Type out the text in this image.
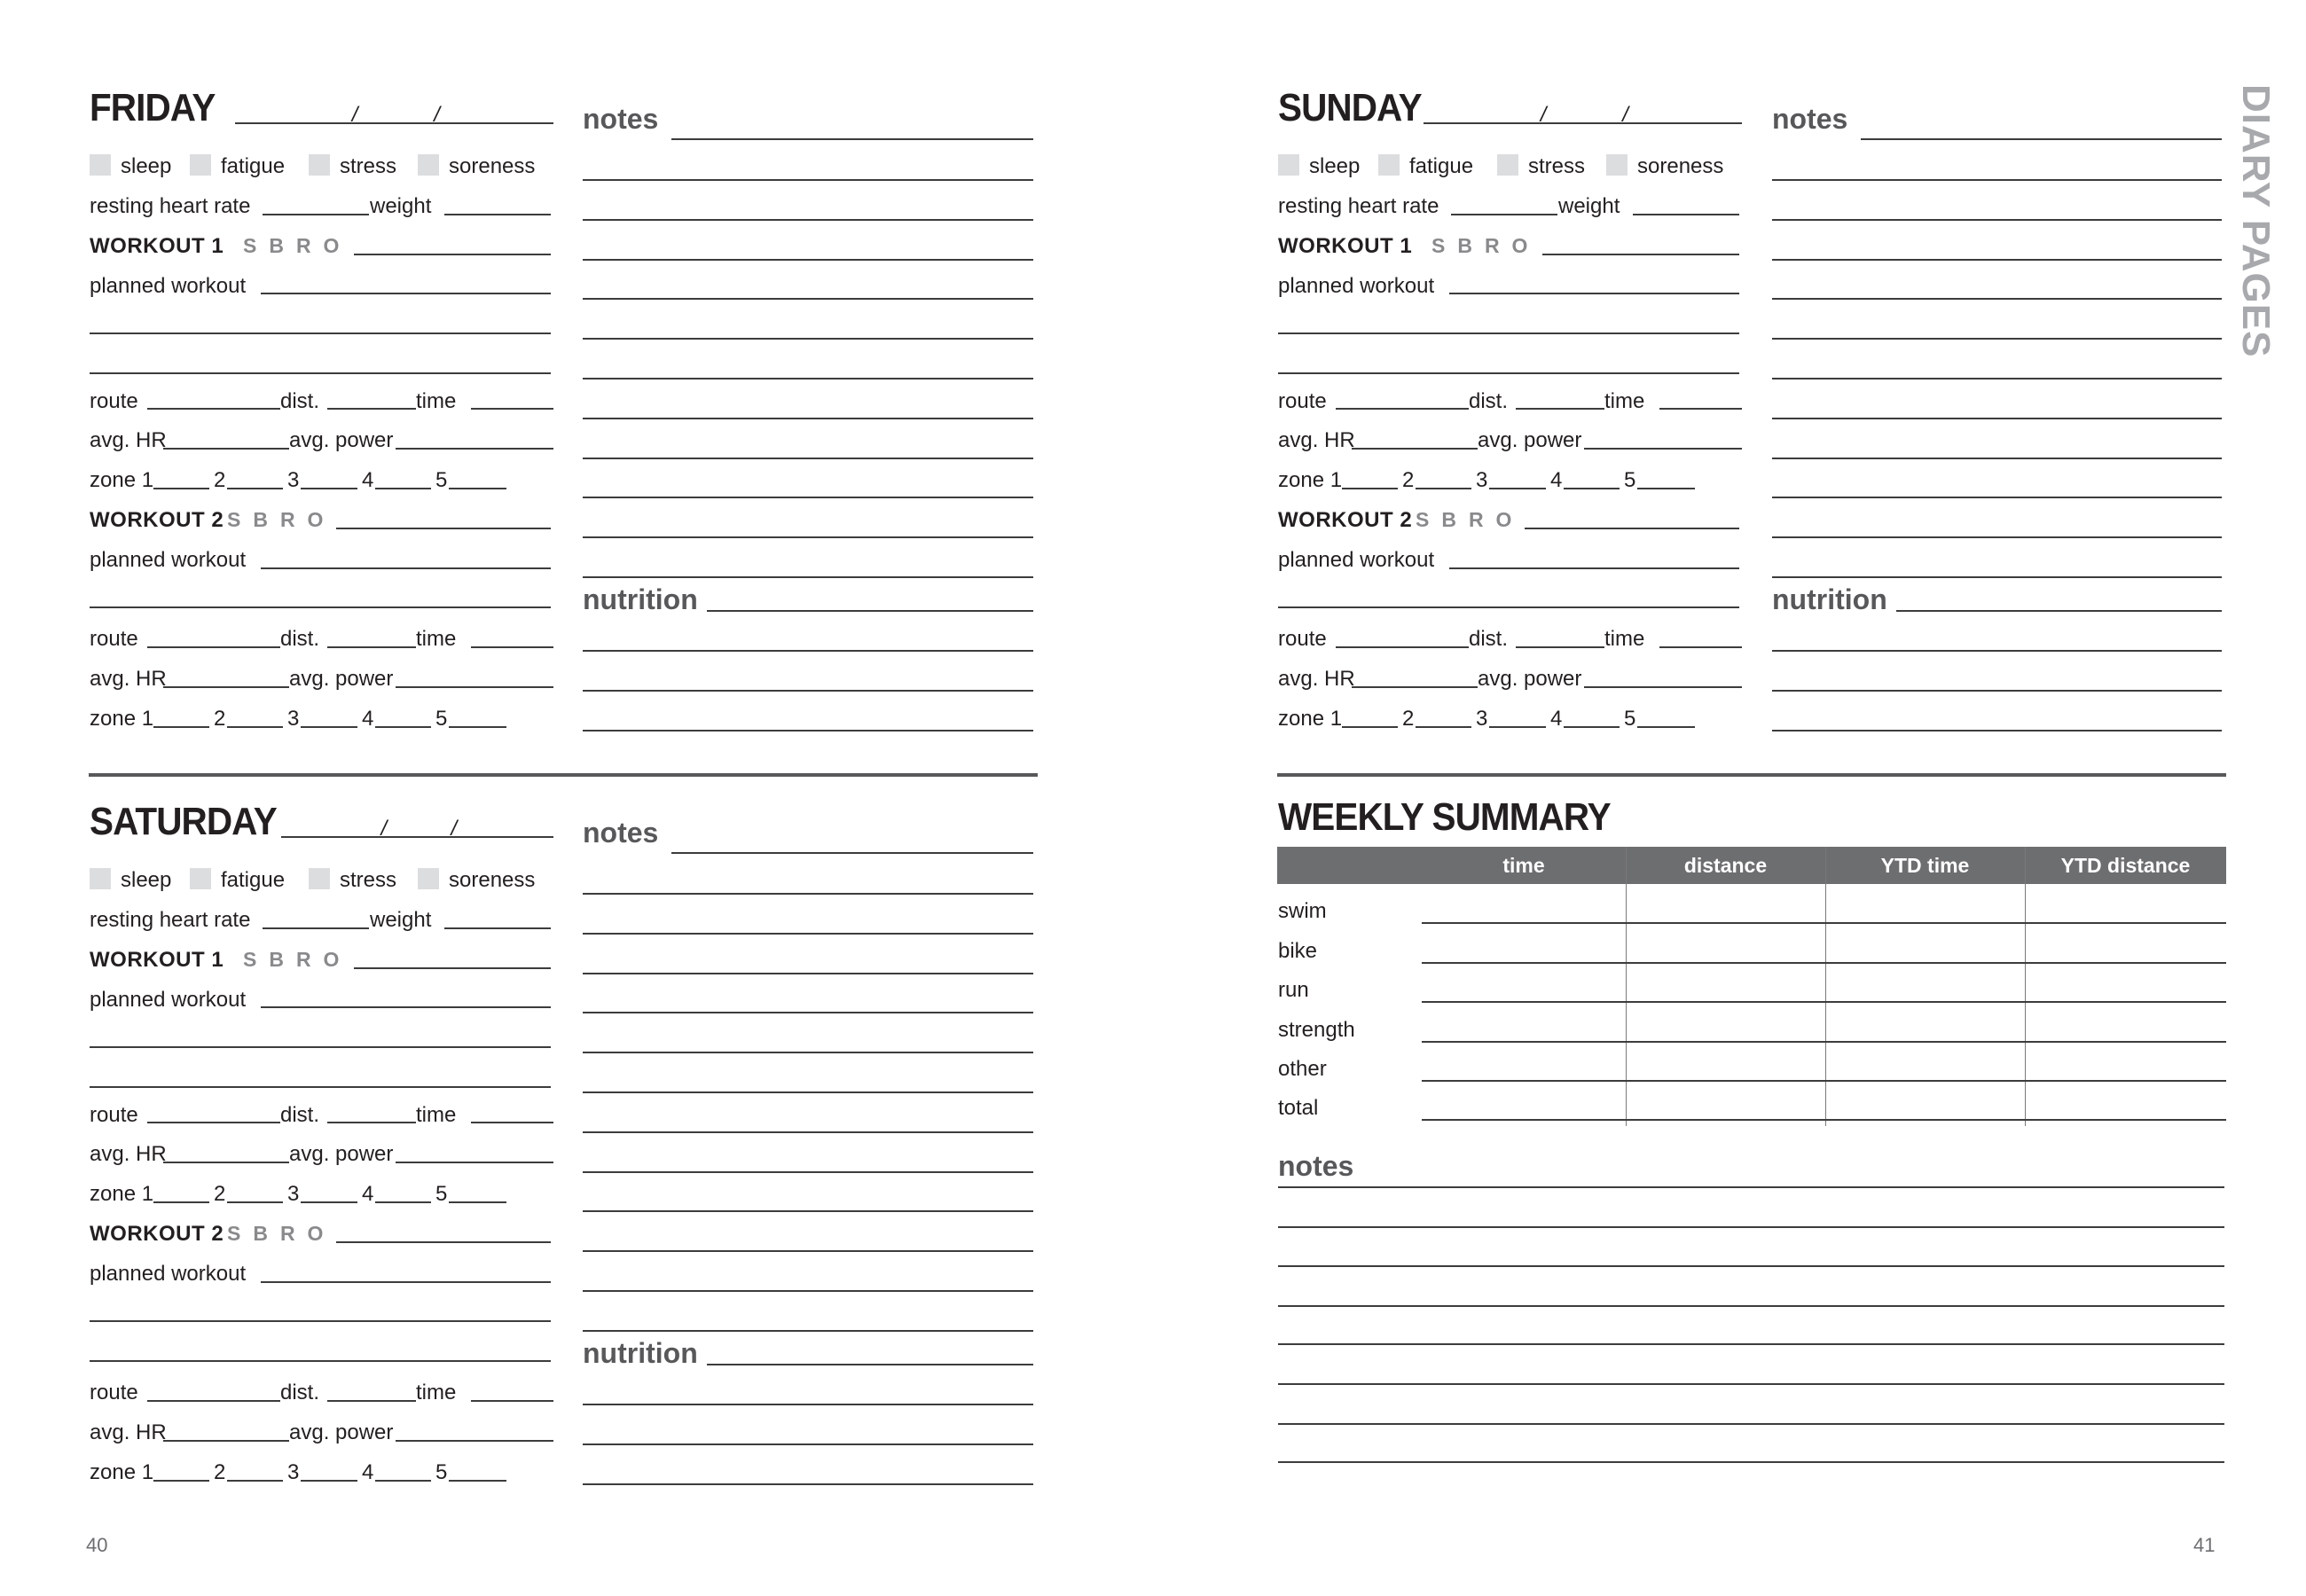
FRIDAY	/	/	notes
sleep fatigue	stress soreness
resting heart rate	weight
WORKOUT 1 SBRO
planned workout
route	dist.	time
avg. HR	avg. power
zone 1	2	3	4	5
WORKOUT 2 SBRO
planned workout
route	dist.	time
avg. HR	avg. power
zone 1	2	3	4	5
nutrition
SATURDAY	/	/	notes
sleep fatigue	stress soreness
resting heart rate	weight
WORKOUT 1 SBRO
planned workout
route	dist.	time
avg. HR	avg. power
zone 1	2	3	4	5
WORKOUT 2 SBRO
planned workout
route	dist.	time
avg. HR	avg. power
zone 1	2	3	4	5
nutrition
SUNDAY	/	/	notes
sleep fatigue	stress soreness
resting heart rate	weight
WORKOUT 1 SBRO
planned workout
route	dist.	time
avg. HR	avg. power
zone 1	2	3	4	5
WORKOUT 2 SBRO
planned workout
route	dist.	time
avg. HR	avg. power
zone 1	2	3	4	5
nutrition
WEEKLY SUMMARY
time	distance	YTD time	YTD distance
swim
bike
run
strength
other
total
notes
DIARY PAGES
40	41
